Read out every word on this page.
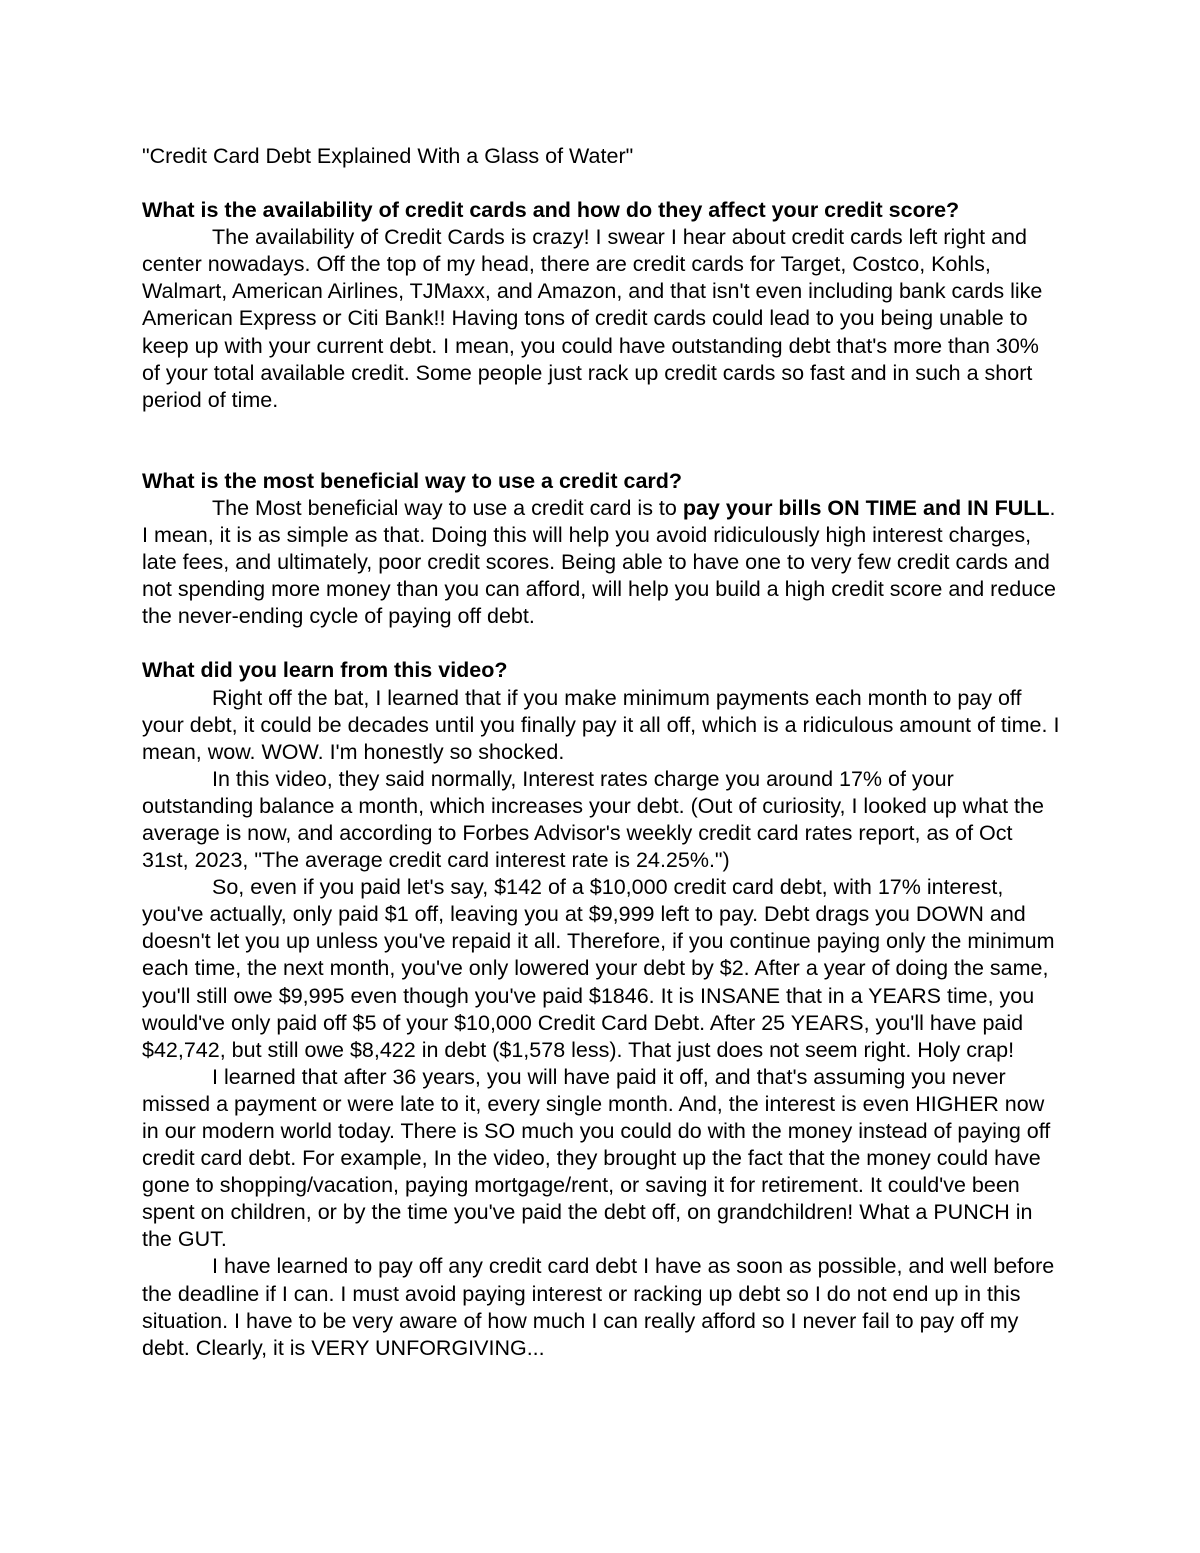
"Credit Card Debt Explained With a Glass of Water"

What is the availability of credit cards and how do they affect your credit score?

The availability of Credit Cards is crazy! I swear I hear about credit cards left right and center nowadays. Off the top of my head, there are credit cards for Target, Costco, Kohls, Walmart, American Airlines, TJMaxx, and Amazon, and that isn't even including bank cards like American Express or Citi Bank!! Having tons of credit cards could lead to you being unable to keep up with your current debt. I mean, you could have outstanding debt that's more than 30% of your total available credit. Some people just rack up credit cards so fast and in such a short period of time.

What is the most beneficial way to use a credit card?

The Most beneficial way to use a credit card is to pay your bills ON TIME and IN FULL. I mean, it is as simple as that. Doing this will help you avoid ridiculously high interest charges, late fees, and ultimately, poor credit scores. Being able to have one to very few credit cards and not spending more money than you can afford, will help you build a high credit score and reduce the never-ending cycle of paying off debt.

What did you learn from this video?

Right off the bat, I learned that if you make minimum payments each month to pay off your debt, it could be decades until you finally pay it all off, which is a ridiculous amount of time. I mean, wow. WOW. I'm honestly so shocked.

In this video, they said normally, Interest rates charge you around 17% of your outstanding balance a month, which increases your debt. (Out of curiosity, I looked up what the average is now, and according to Forbes Advisor's weekly credit card rates report, as of Oct 31st, 2023, "The average credit card interest rate is 24.25%.")

So, even if you paid let's say, $142 of a $10,000 credit card debt, with 17% interest, you've actually, only paid $1 off, leaving you at $9,999 left to pay. Debt drags you DOWN and doesn't let you up unless you've repaid it all. Therefore, if you continue paying only the minimum each time, the next month, you've only lowered your debt by $2. After a year of doing the same, you'll still owe $9,995 even though you've paid $1846. It is INSANE that in a YEARS time, you would've only paid off $5 of your $10,000 Credit Card Debt. After 25 YEARS, you'll have paid $42,742, but still owe $8,422 in debt ($1,578 less). That just does not seem right. Holy crap!

I learned that after 36 years, you will have paid it off, and that's assuming you never missed a payment or were late to it, every single month. And, the interest is even HIGHER now in our modern world today. There is SO much you could do with the money instead of paying off credit card debt. For example, In the video, they brought up the fact that the money could have gone to shopping/vacation, paying mortgage/rent, or saving it for retirement. It could've been spent on children, or by the time you've paid the debt off, on grandchildren! What a PUNCH in the GUT.

I have learned to pay off any credit card debt I have as soon as possible, and well before the deadline if I can. I must avoid paying interest or racking up debt so I do not end up in this situation. I have to be very aware of how much I can really afford so I never fail to pay off my debt. Clearly, it is VERY UNFORGIVING...
